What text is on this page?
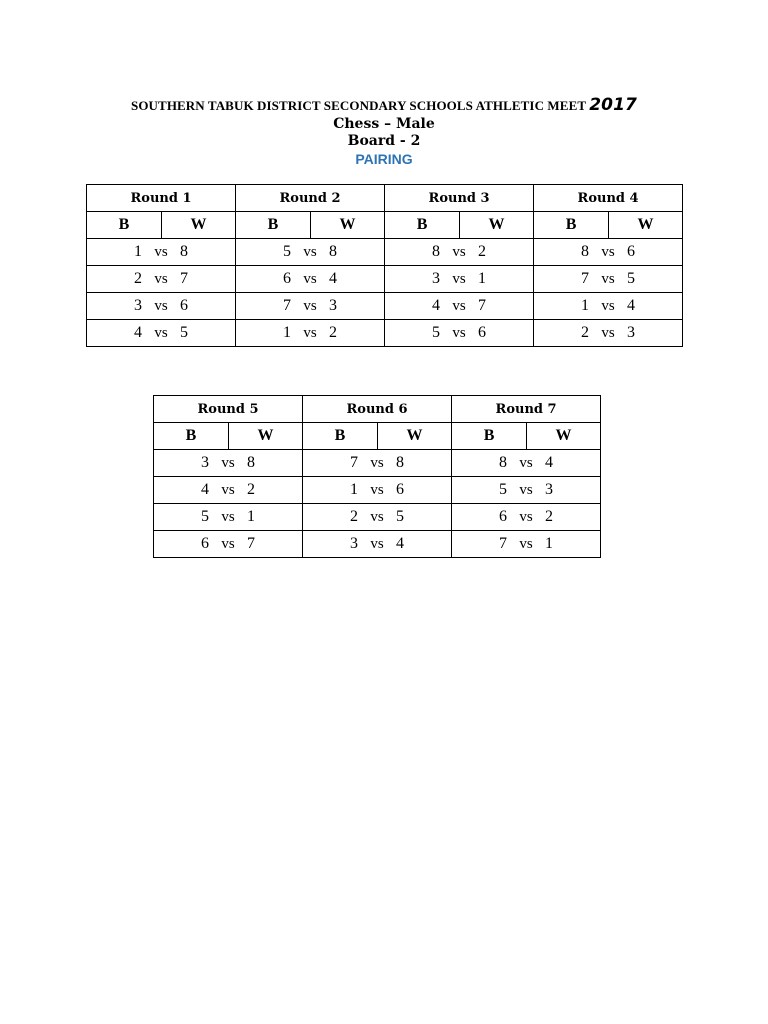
SOUTHERN TABUK DISTRICT SECONDARY SCHOOLS ATHLETIC MEET 2017
Chess – Male
Board - 2
PAIRING
Round 1		Round 2		Round 3		Round 4	
B	W	B	W	B	W	B	W

1 vs 8		5 vs 8		8 vs 2		8 vs 6	

2 vs 7		6 vs 4		3 vs 1		7 vs 5	

3 vs 6		7 vs 3		4 vs 7		1 vs 4	

4 vs 5		1 vs 2		5 vs 6		2 vs 3	
Round 5		Round 6		Round 7	
B	W	B	W	B	W

3 vs 8		7 vs 8		8 vs 4	

4 vs 2		1 vs 6		5 vs 3	

5 vs 1		2 vs 5		6 vs 2	

6 vs 7		3 vs 4		7 vs 1	
